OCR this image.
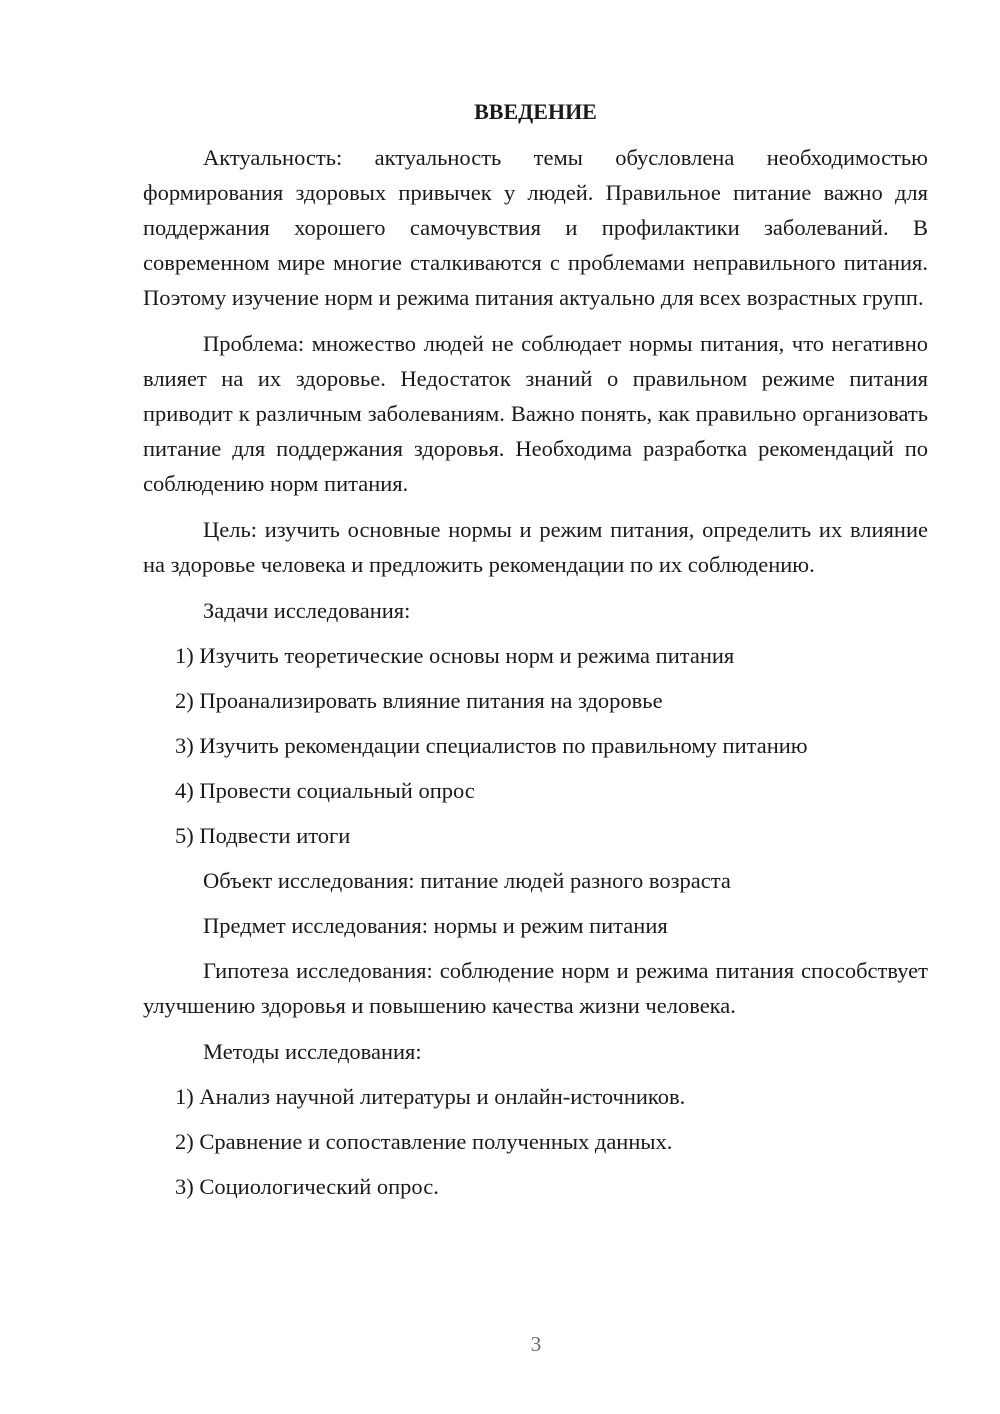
ВВЕДЕНИЕ

Актуальность: актуальность темы обусловлена необходимостью формирования здоровых привычек у людей. Правильное питание важно для поддержания хорошего самочувствия и профилактики заболеваний. В современном мире многие сталкиваются с проблемами неправильного питания. Поэтому изучение норм и режима питания актуально для всех возрастных групп.

Проблема: множество людей не соблюдает нормы питания, что негативно влияет на их здоровье. Недостаток знаний о правильном режиме питания приводит к различным заболеваниям. Важно понять, как правильно организовать питание для поддержания здоровья. Необходима разработка рекомендаций по соблюдению норм питания.

Цель: изучить основные нормы и режим питания, определить их влияние на здоровье человека и предложить рекомендации по их соблюдению.

Задачи исследования:
1) Изучить теоретические основы норм и режима питания
2) Проанализировать влияние питания на здоровье
3) Изучить рекомендации специалистов по правильному питанию
4) Провести социальный опрос
5) Подвести итоги
Объект исследования: питание людей разного возраста
Предмет исследования: нормы и режим питания

Гипотеза исследования: соблюдение норм и режима питания способствует улучшению здоровья и повышению качества жизни человека.

Методы исследования:
1) Анализ научной литературы и онлайн-источников.
2) Сравнение и сопоставление полученных данных.
3) Социологический опрос.
3
